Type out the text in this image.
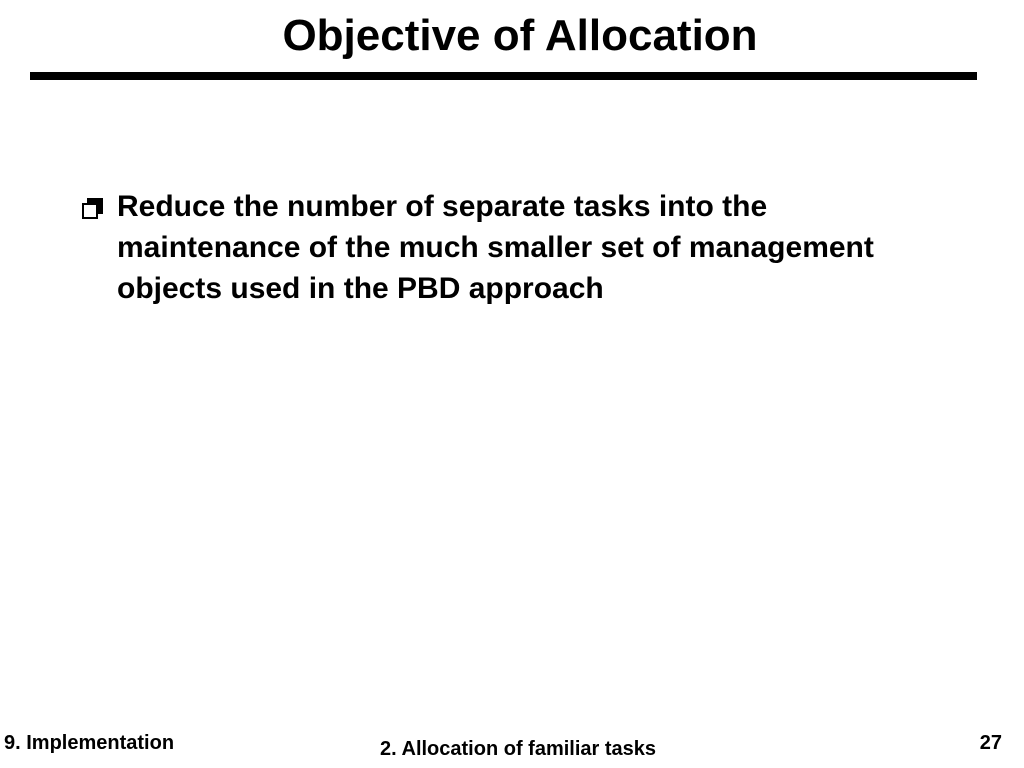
Objective of Allocation
Reduce the number of separate tasks into the maintenance of the much smaller set of management objects used in the PBD approach
9. Implementation	2. Allocation of familiar tasks	27
